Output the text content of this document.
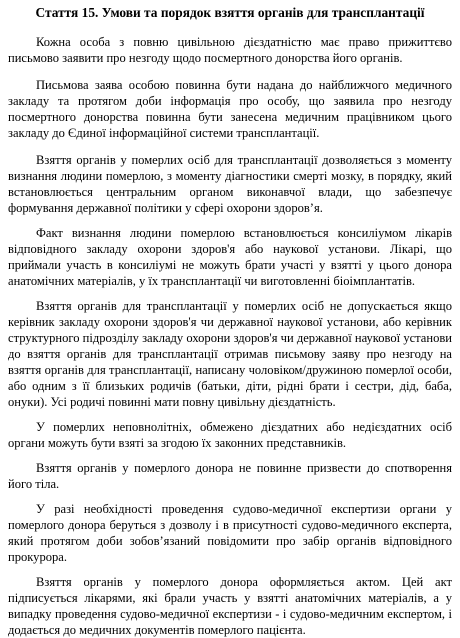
Стаття 15. Умови та порядок взяття органів для трансплантації

Кожна особа з повню цивільною дієздатністю має право прижиттєво письмово заявити про незгоду щодо посмертного донорства його органів.

Письмова заява особою повинна бути надана до найближчого медичного закладу та протягом доби інформація про особу, що заявила про незгоду посмертного донорства повинна бути занесена медичним працівником цього закладу до Єдиної інформаційної системи трансплантації.

Взяття органів у померлих осіб для трансплантації дозволяється з моменту визнання людини померлою, з моменту діагностики смерті мозку, в порядку, який встановлюється центральним органом виконавчої влади, що забезпечує формування державної політики у сфері охорони здоров’я.

Факт визнання людини померлою встановлюється консиліумом лікарів відповідного закладу охорони здоров'я або наукової установи. Лікарі, що приймали участь в консиліумі не можуть брати участі у взятті у цього донора анатомічних матеріалів, у їх трансплантації чи виготовленні біоімплантатів.

Взяття органів для трансплантації у померлих осіб не допускається якщо керівник закладу охорони здоров'я чи державної наукової установи, або керівник структурного підрозділу закладу охорони здоров'я чи державної наукової установи до взяття органів для трансплантації отримав письмову заяву про незгоду на взяття органів для трансплантації, написану чоловіком/дружиною померлої особи, або одним з її близьких родичів (батьки, діти, рідні брати і сестри, дід, баба, онуки). Усі родичі повинні мати повну цивільну дієздатність.

У померлих неповнолітніх, обмежено дієздатних або недієздатних осіб органи можуть бути взяті за згодою їх законних представників.

Взяття органів у померлого донора не повинне призвести до спотворення його тіла.

У разі необхідності проведення судово-медичної експертизи органи у померлого донора беруться з дозволу і в присутності судово-медичного експерта, який протягом доби зобов’язаний повідомити про забір органів відповідного прокурора.

Взяття органів у померлого донора оформляється актом. Цей акт підписується лікарями, які брали участь у взятті анатомічних матеріалів, а у випадку проведення судово-медичної експертизи - і судово-медичним експертом, і додається до медичних документів померлого пацієнта.
